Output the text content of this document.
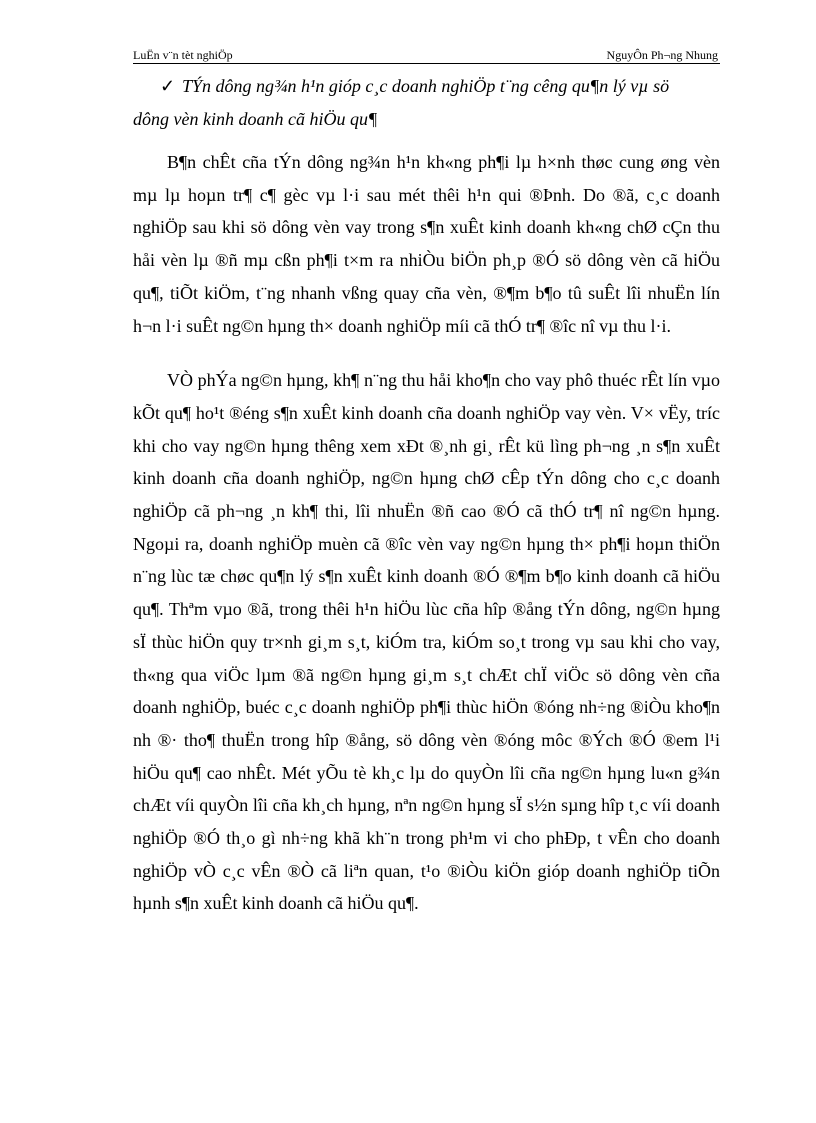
LuËn v¨n tèt nghiÖp	NguyÔn Ph¬ng Nhung

✓ TÝn dông ng¾n h¹n gióp c¸c doanh nghiÖp t¨ng cêng qu¶n lý vµ sö

dông vèn kinh doanh cã hiÖu qu¶

B¶n chÊt cña tÝn dông ng¾n h¹n kh«ng ph¶i lµ h×nh thøc cung øng vèn mµ lµ hoµn tr¶ c¶ gèc vµ l·i sau mét thêi h¹n qui ®Þnh. Do ®ã, c¸c doanh nghiÖp sau khi sö dông vèn vay trong s¶n xuÊt kinh doanh kh«ng chØ cÇn thu håi vèn lµ ®ñ mµ cßn ph¶i t×m ra nhiÒu biÖn ph¸p ®Ó sö dông vèn cã hiÖu qu¶, tiÕt kiÖm, t¨ng nhanh vßng quay cña vèn, ®¶m b¶o tû suÊt lîi nhuËn lín h¬n l·i suÊt ng©n hµng th× doanh nghiÖp míi cã thÓ tr¶ ®îc nî vµ thu l·i.

VÒ phÝa ng©n hµng, kh¶ n¨ng thu håi kho¶n cho vay phô thuéc rÊt lín vµo kÕt qu¶ ho¹t ®éng s¶n xuÊt kinh doanh cña doanh nghiÖp vay vèn. V× vËy, tríc khi cho vay ng©n hµng thêng xem xÐt ®¸nh gi¸ rÊt kü lìng ph¬ng ¸n s¶n xuÊt kinh doanh cña doanh nghiÖp, ng©n hµng chØ cÊp tÝn dông cho c¸c doanh nghiÖp cã ph¬ng ¸n kh¶ thi, lîi nhuËn ®ñ cao ®Ó cã thÓ tr¶ nî ng©n hµng. Ngoµi ra, doanh nghiÖp muèn cã ®îc vèn vay ng©n hµng th× ph¶i hoµn thiÖn n¨ng lùc tæ chøc qu¶n lý s¶n xuÊt kinh doanh ®Ó ®¶m b¶o kinh doanh cã hiÖu qu¶. Thªm vµo ®ã, trong thêi h¹n hiÖu lùc cña hîp ®ång tÝn dông, ng©n hµng sÏ thùc hiÖn quy tr×nh gi¸m s¸t, kiÓm tra, kiÓm so¸t trong vµ sau khi cho vay, th«ng qua viÖc lµm ®ã ng©n hµng gi¸m s¸t chÆt chÏ viÖc sö dông vèn cña doanh nghiÖp, buéc c¸c doanh nghiÖp ph¶i thùc hiÖn ®óng nh÷ng ®iÒu kho¶n nh ®· tho¶ thuËn trong hîp ®ång, sö dông vèn ®óng môc ®Ých ®Ó ®em l¹i hiÖu qu¶ cao nhÊt. Mét yÕu tè kh¸c lµ do quyÒn lîi cña ng©n hµng lu«n g¾n chÆt víi quyÒn lîi cña kh¸ch hµng, nªn ng©n hµng sÏ s½n sµng hîp t¸c víi doanh nghiÖp ®Ó th¸o gì nh÷ng khã kh¨n trong ph¹m vi cho phÐp, t vÊn cho doanh nghiÖp vÒ c¸c vÊn ®Ò cã liªn quan, t¹o ®iÒu kiÖn gióp doanh nghiÖp tiÕn hµnh s¶n xuÊt kinh doanh cã hiÖu qu¶.
